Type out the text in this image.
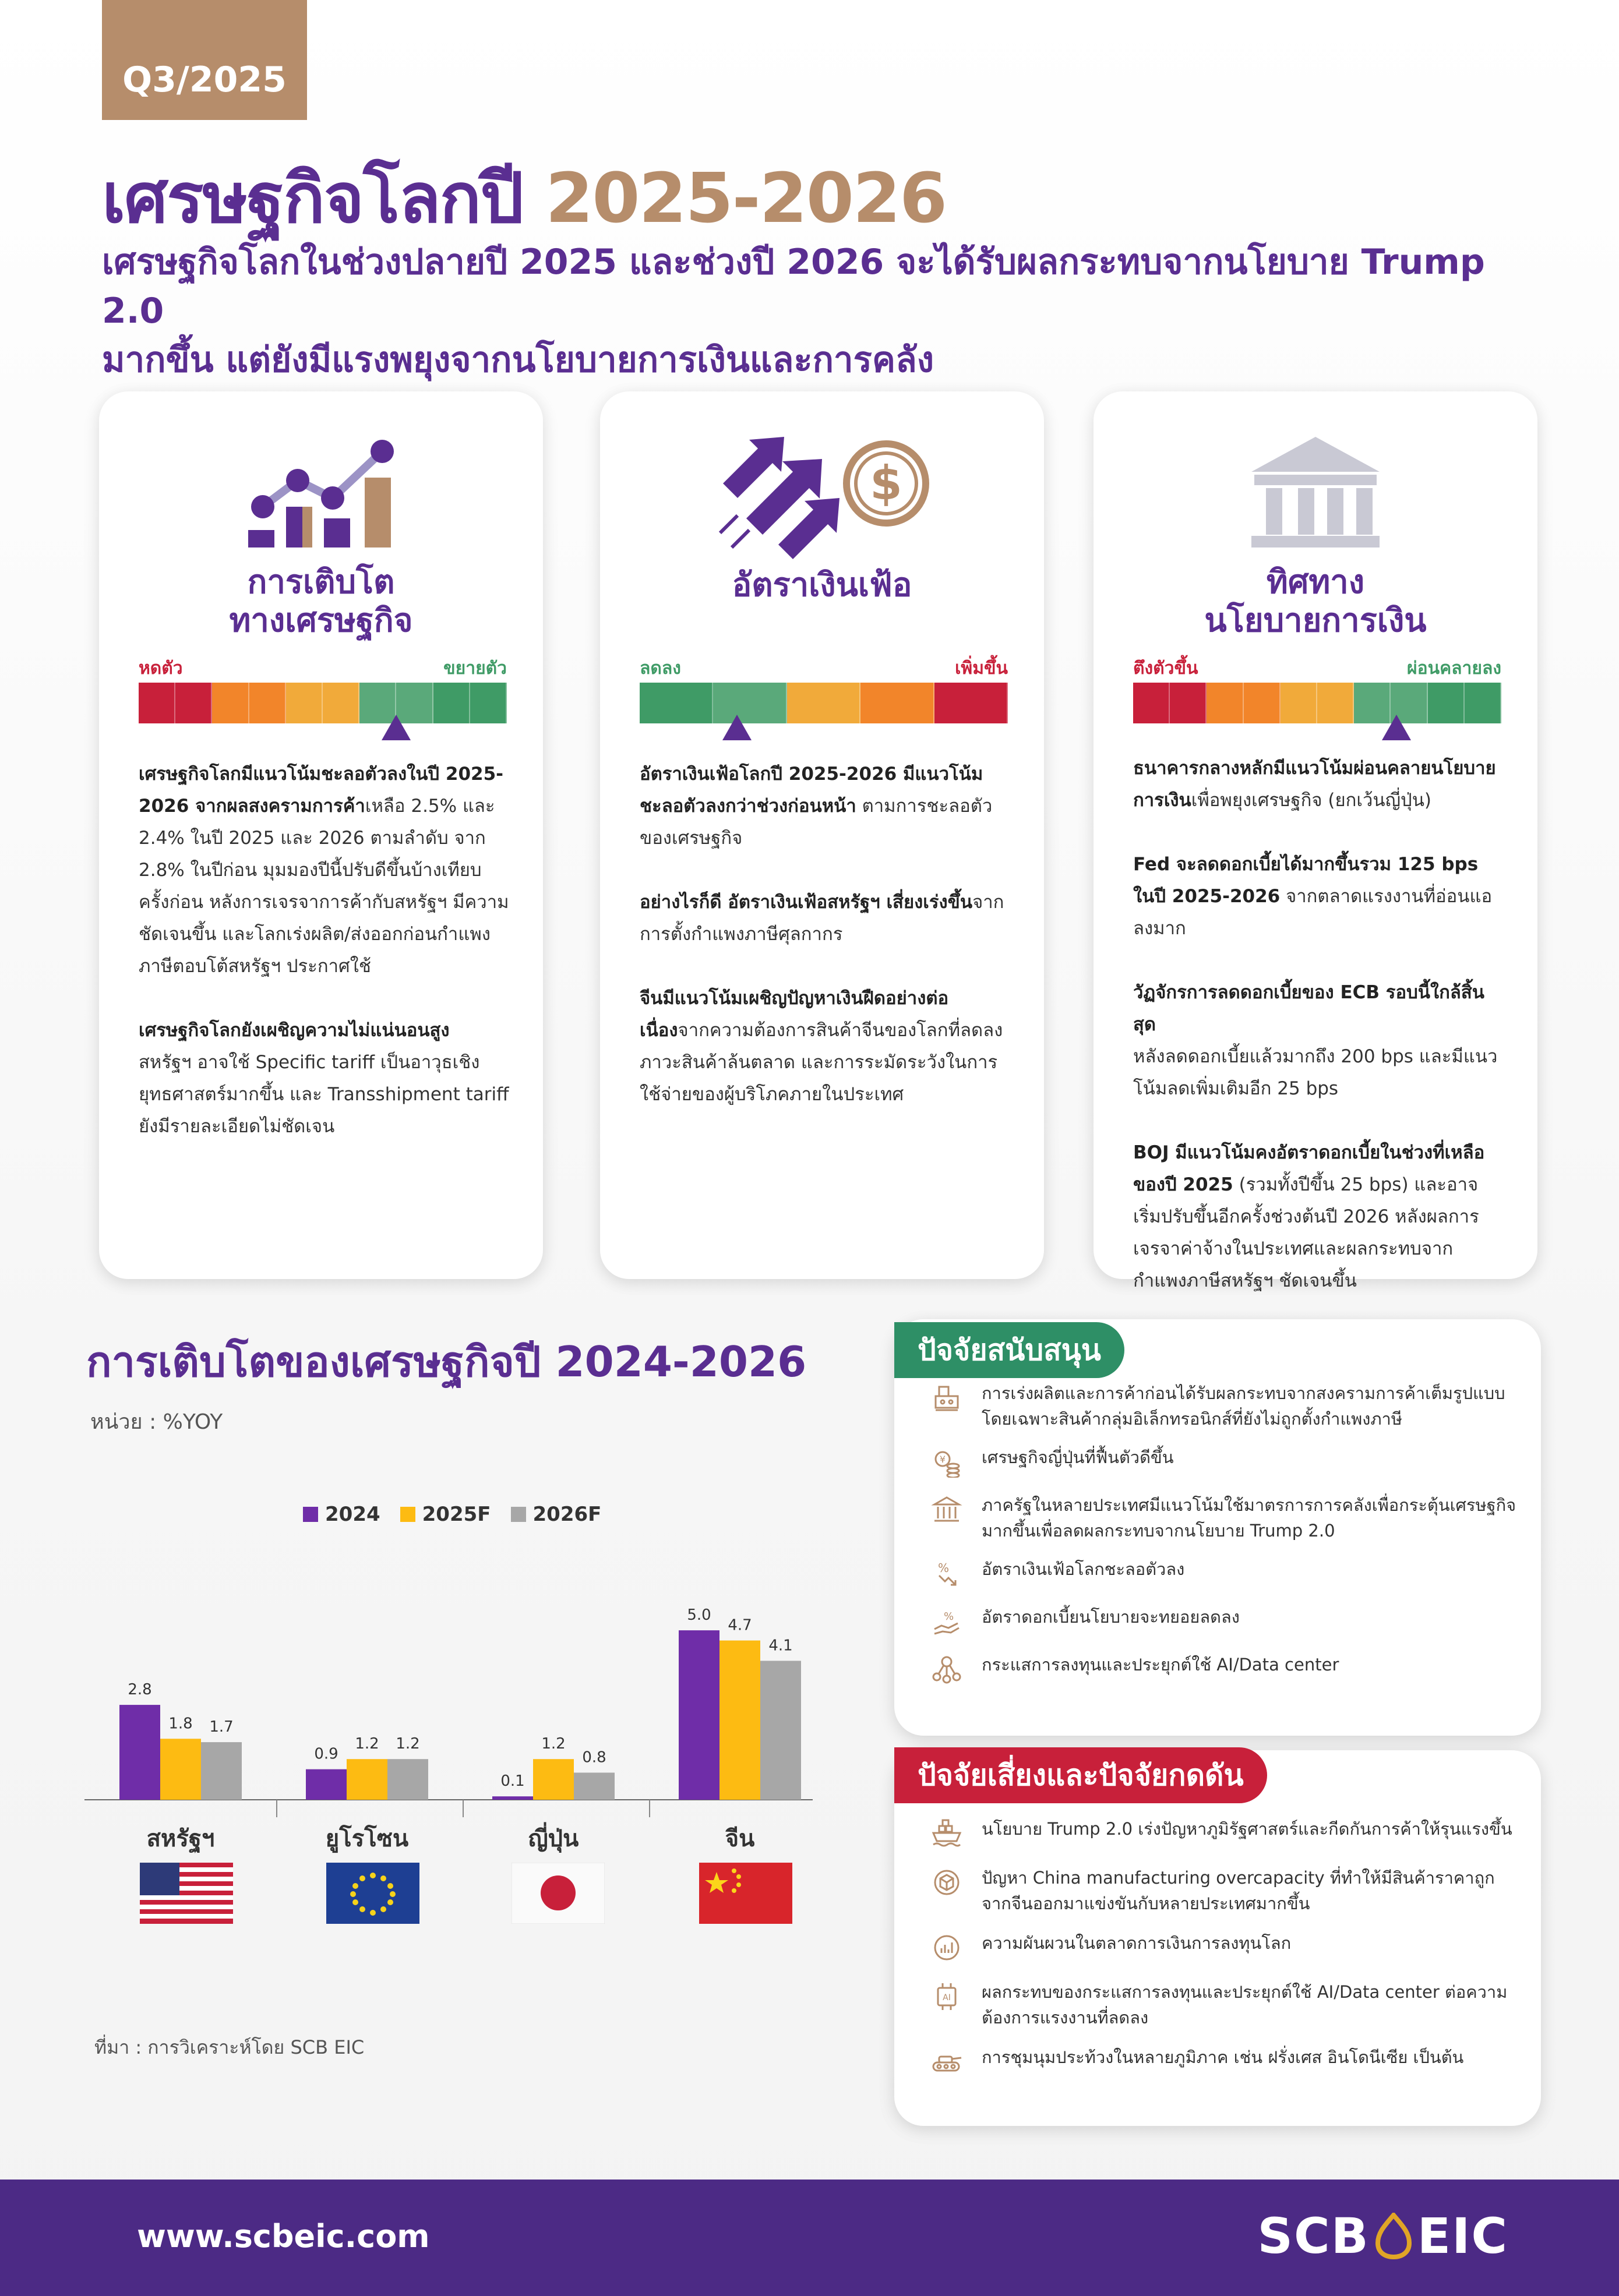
Q3/2025
เศรษฐกิจโลกปี 2025-2026
เศรษฐกิจโลกในช่วงปลายปี 2025 และช่วงปี 2026 จะได้รับผลกระทบจากนโยบาย Trump 2.0
มากขึ้น แต่ยังมีแรงพยุงจากนโยบายการเงินและการคลัง
การเติบโต
ทางเศรษฐกิจ
หดตัว	ขยายตัว

เศรษฐกิจโลกมีแนวโน้มชะลอตัวลงในปี 2025-2026 จากผลสงครามการค้าเหลือ 2.5% และ 2.4% ในปี 2025 และ 2026 ตามลำดับ จาก 2.8% ในปีก่อน มุมมองปีนี้ปรับดีขึ้นบ้างเทียบครั้งก่อน หลังการเจรจาการค้ากับสหรัฐฯ มีความชัดเจนขึ้น และโลกเร่งผลิต/ส่งออกก่อนกำแพงภาษีตอบโต้สหรัฐฯ ประกาศใช้

เศรษฐกิจโลกยังเผชิญความไม่แน่นอนสูง
สหรัฐฯ อาจใช้ Specific tariff เป็นอาวุธเชิงยุทธศาสตร์มากขึ้น และ Transshipment tariff ยังมีรายละเอียดไม่ชัดเจน

$
อัตราเงินเฟ้อ
ลดลง	เพิ่มขึ้น

อัตราเงินเฟ้อโลกปี 2025-2026 มีแนวโน้มชะลอตัวลงกว่าช่วงก่อนหน้า ตามการชะลอตัวของเศรษฐกิจ

อย่างไรก็ดี อัตราเงินเฟ้อสหรัฐฯ เสี่ยงเร่งขึ้นจากการตั้งกำแพงภาษีศุลกากร

จีนมีแนวโน้มเผชิญปัญหาเงินฝืดอย่างต่อเนื่องจากความต้องการสินค้าจีนของโลกที่ลดลง ภาวะสินค้าล้นตลาด และการระมัดระวังในการใช้จ่ายของผู้บริโภคภายในประเทศ

ทิศทาง
นโยบายการเงิน
ตึงตัวขึ้น	ผ่อนคลายลง

ธนาคารกลางหลักมีแนวโน้มผ่อนคลายนโยบายการเงินเพื่อพยุงเศรษฐกิจ (ยกเว้นญี่ปุ่น)

Fed จะลดดอกเบี้ยได้มากขึ้นรวม 125 bps ในปี 2025-2026 จากตลาดแรงงานที่อ่อนแอลงมาก

วัฏจักรการลดดอกเบี้ยของ ECB รอบนี้ใกล้สิ้นสุด
หลังลดดอกเบี้ยแล้วมากถึง 200 bps และมีแนวโน้มลดเพิ่มเติมอีก 25 bps

BOJ มีแนวโน้มคงอัตราดอกเบี้ยในช่วงที่เหลือของปี 2025 (รวมทั้งปีขึ้น 25 bps) และอาจเริ่มปรับขึ้นอีกครั้งช่วงต้นปี 2026 หลังผลการเจรจาค่าจ้างในประเทศและผลกระทบจากกำแพงภาษีสหรัฐฯ ชัดเจนขึ้น

การเติบโตของเศรษฐกิจปี 2024-2026
หน่วย : %YOY
2024 2025F 2026F
2.8
1.8 1.7
สหรัฐฯ
0.9
1.2 1.2
ยูโรโซน
0.1
1.2
0.8
ญี่ปุ่น
5.0
4.7
4.1
จีน
ที่มา : การวิเคราะห์โดย SCB EIC
ปัจจัยสนับสนุน
การเร่งผลิตและการค้าก่อนได้รับผลกระทบจากสงครามการค้าเต็มรูปแบบ โดยเฉพาะสินค้ากลุ่มอิเล็กทรอนิกส์ที่ยังไม่ถูกตั้งกำแพงภาษี
¥ เศรษฐกิจญี่ปุ่นที่ฟื้นตัวดีขึ้น
ภาครัฐในหลายประเทศมีแนวโน้มใช้มาตรการการคลังเพื่อกระตุ้นเศรษฐกิจมากขึ้นเพื่อลดผลกระทบจากนโยบาย Trump 2.0
% อัตราเงินเฟ้อโลกชะลอตัวลง
% อัตราดอกเบี้ยนโยบายจะทยอยลดลง
กระแสการลงทุนและประยุกต์ใช้ AI/Data center
ปัจจัยเสี่ยงและปัจจัยกดดัน
นโยบาย Trump 2.0 เร่งปัญหาภูมิรัฐศาสตร์และกีดกันการค้าให้รุนแรงขึ้น
ปัญหา China manufacturing overcapacity ที่ทำให้มีสินค้าราคาถูกจากจีนออกมาแข่งขันกับหลายประเทศมากขึ้น
ความผันผวนในตลาดการเงินการลงทุนโลก
AI ผลกระทบของกระแสการลงทุนและประยุกต์ใช้ AI/Data center ต่อความต้องการแรงงานที่ลดลง
การชุมนุมประท้วงในหลายภูมิภาค เช่น ฝรั่งเศส อินโดนีเซีย เป็นต้น
www.scbeic.com	SCB EIC
